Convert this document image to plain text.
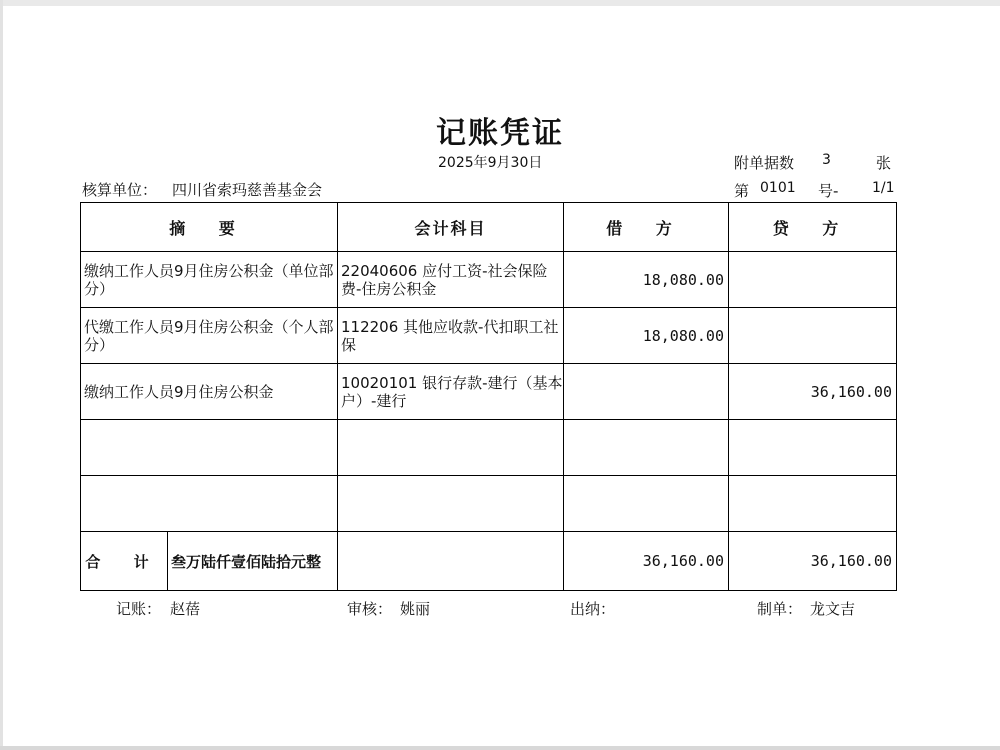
记账凭证
2025年9月30日	附单据数 3	张
核算单位： 四川省索玛慈善基金会	第 0101 号- 1/1
摘 要	会计科目	借 方	贷 方
缴纳工作人员9月住房公积金（单位部分）	22040606 应付工资-社会保险费-住房公积金	18,080.00	
代缴工作人员9月住房公积金（个人部分）	112206 其他应收款-代扣职工社保	18,080.00	
缴纳工作人员9月住房公积金	10020101 银行存款-建行（基本户）-建行		36,160.00

合 计 叁万陆仟壹佰陆拾元整		36,160.00	36,160.00
记账： 赵蓓	审核： 姚丽	出纳：	制单： 龙文吉
